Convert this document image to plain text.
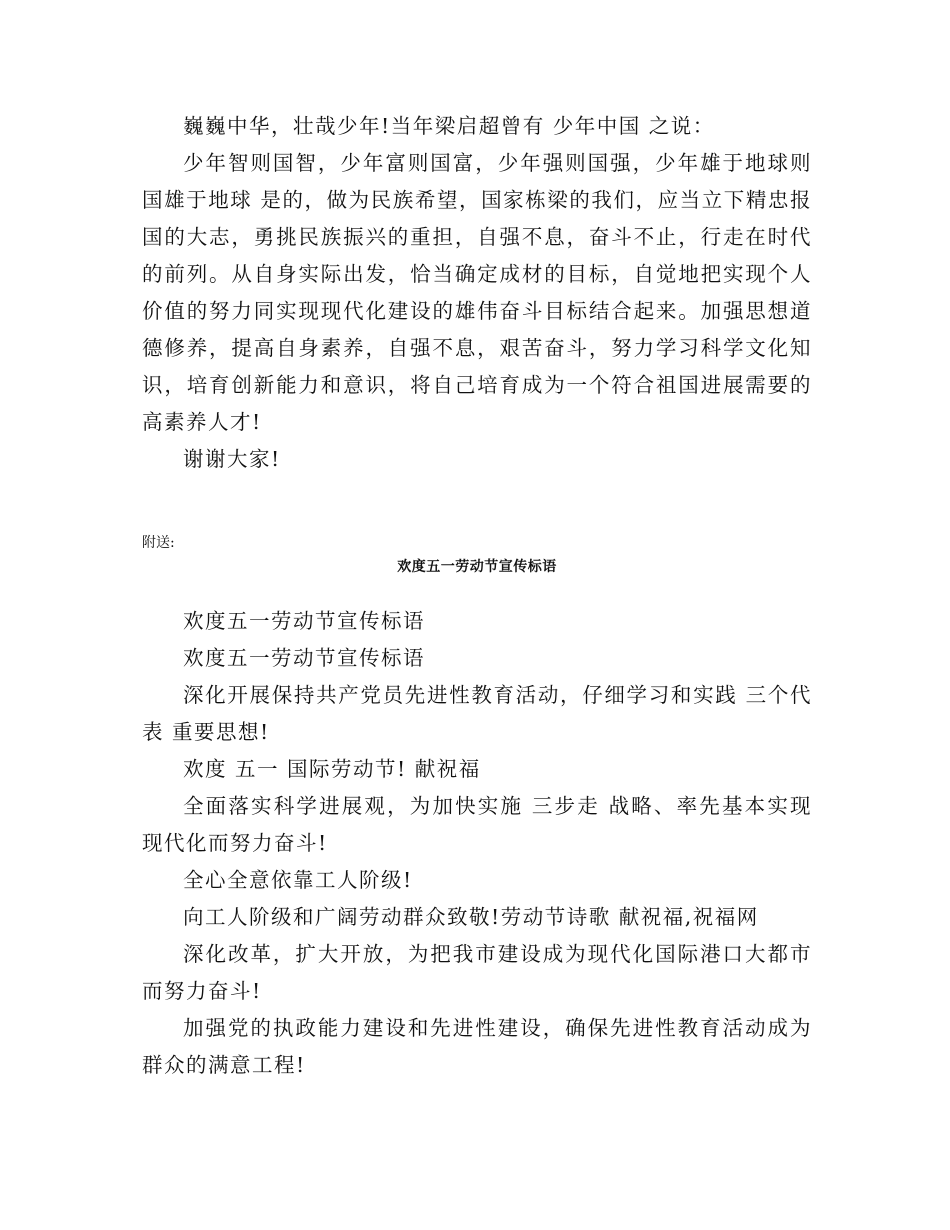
巍巍中华，壮哉少年!当年梁启超曾有 少年中国 之说：

少年智则国智，少年富则国富，少年强则国强，少年雄于地球则国雄于地球 是的，做为民族希望，国家栋梁的我们，应当立下精忠报国的大志，勇挑民族振兴的重担，自强不息，奋斗不止，行走在时代的前列。从自身实际出发，恰当确定成材的目标，自觉地把实现个人价值的努力同实现现代化建设的雄伟奋斗目标结合起来。加强思想道德修养，提高自身素养，自强不息，艰苦奋斗，努力学习科学文化知识，培育创新能力和意识，将自己培育成为一个符合祖国进展需要的高素养人才!

谢谢大家!

附送:

欢度五一劳动节宣传标语

欢度五一劳动节宣传标语

欢度五一劳动节宣传标语

深化开展保持共产党员先进性教育活动，仔细学习和实践 三个代表 重要思想!

欢度 五一 国际劳动节! 献祝福

全面落实科学进展观，为加快实施 三步走 战略、率先基本实现现代化而努力奋斗!

全心全意依靠工人阶级!

向工人阶级和广阔劳动群众致敬!劳动节诗歌 献祝福,祝福网

深化改革，扩大开放，为把我市建设成为现代化国际港口大都市而努力奋斗!

加强党的执政能力建设和先进性建设，确保先进性教育活动成为群众的满意工程!
